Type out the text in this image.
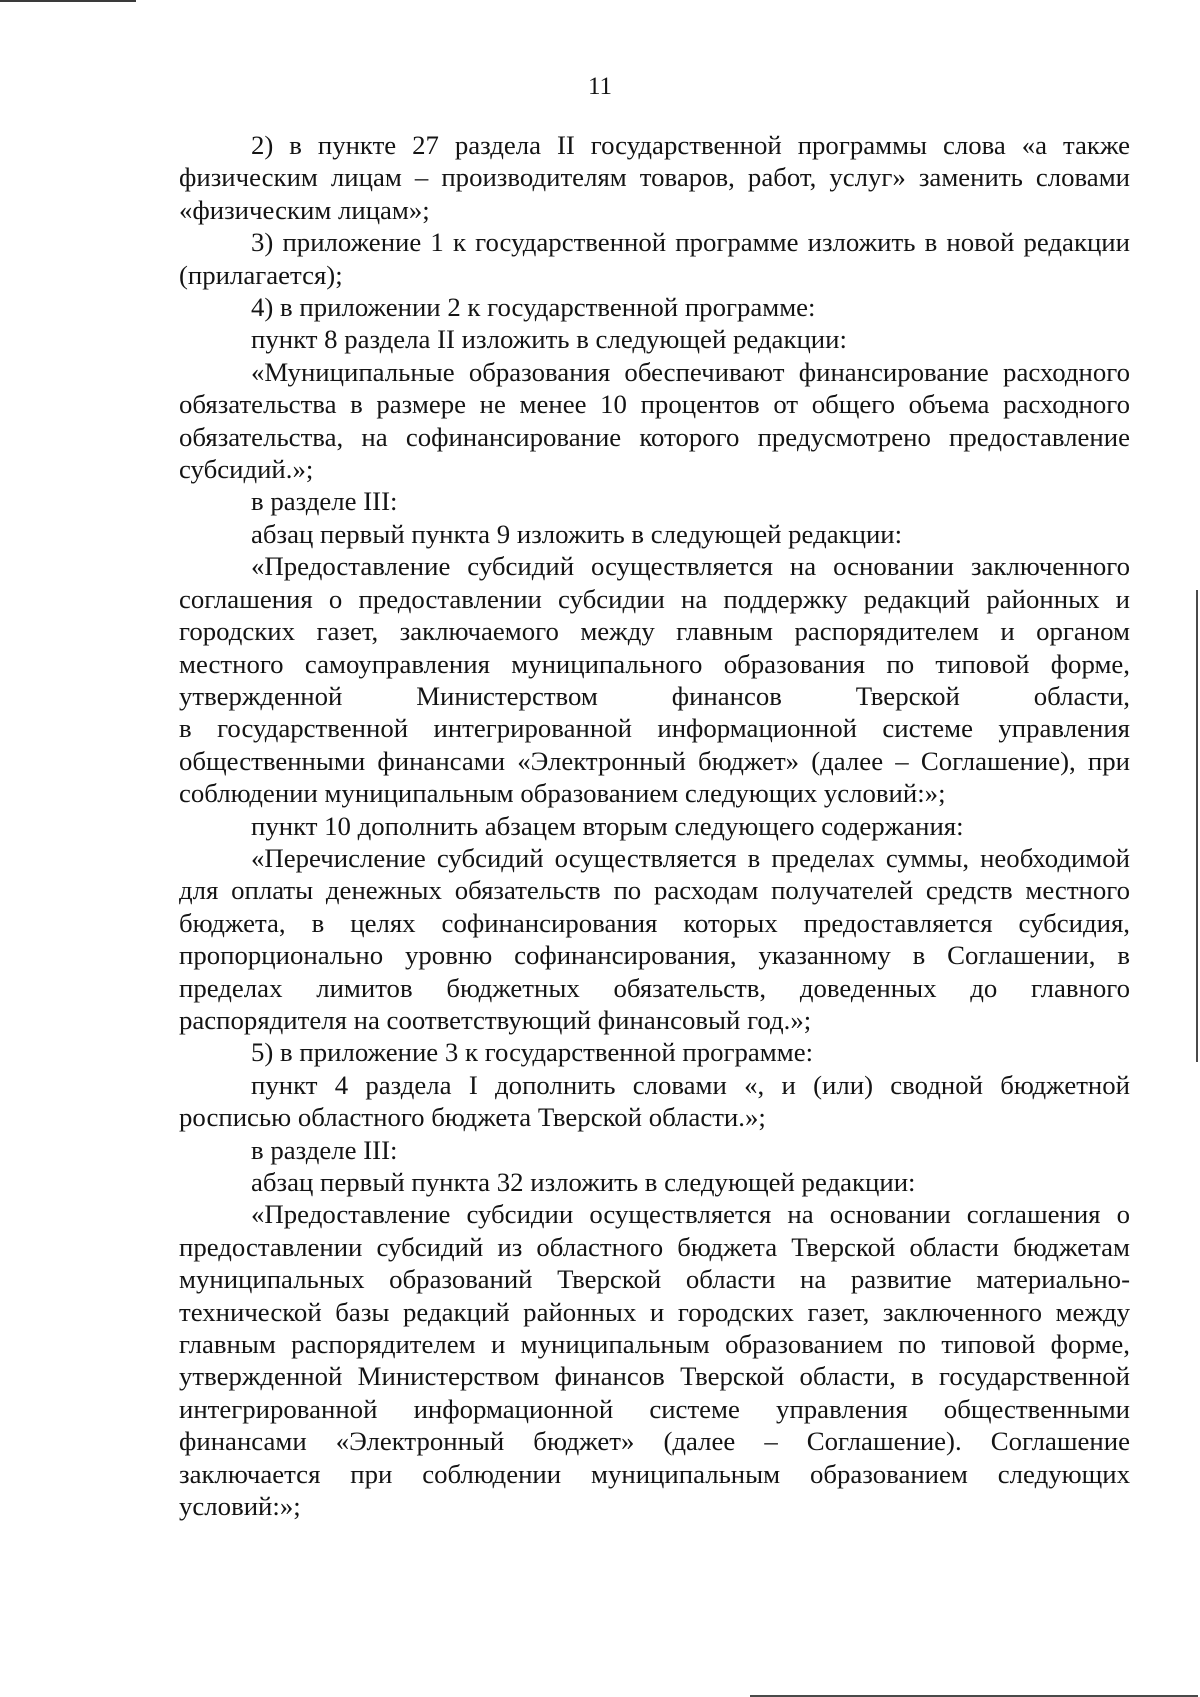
11

2) в пункте 27 раздела II государственной программы слова «а также физическим лицам – производителям товаров, работ, услуг» заменить словами «физическим лицам»;

3) приложение 1 к государственной программе изложить в новой редакции (прилагается);

4) в приложении 2 к государственной программе:

пункт 8 раздела II изложить в следующей редакции:

«Муниципальные образования обеспечивают финансирование расходного обязательства в размере не менее 10 процентов от общего объема расходного обязательства, на софинансирование которого предусмотрено предоставление субсидий.»;

в разделе III:

абзац первый пункта 9 изложить в следующей редакции:

«Предоставление субсидий осуществляется на основании заключенного соглашения о предоставлении субсидии на поддержку редакций районных и городских газет, заключаемого между главным распорядителем и органом местного самоуправления муниципального образования по типовой форме, утвержденной Министерством финансов Тверской области,

в государственной интегрированной информационной системе управления общественными финансами «Электронный бюджет» (далее – Соглашение), при соблюдении муниципальным образованием следующих условий:»;

пункт 10 дополнить абзацем вторым следующего содержания:

«Перечисление субсидий осуществляется в пределах суммы, необходимой для оплаты денежных обязательств по расходам получателей средств местного бюджета, в целях софинансирования которых предоставляется субсидия, пропорционально уровню софинансирования, указанному в Соглашении, в пределах лимитов бюджетных обязательств, доведенных до главного распорядителя на соответствующий финансовый год.»;

5) в приложение 3 к государственной программе:

пункт 4 раздела I дополнить словами «, и (или) сводной бюджетной росписью областного бюджета Тверской области.»;

в разделе III:

абзац первый пункта 32 изложить в следующей редакции:

«Предоставление субсидии осуществляется на основании соглашения о предоставлении субсидий из областного бюджета Тверской области бюджетам муниципальных образований Тверской области на развитие материально-технической базы редакций районных и городских газет, заключенного между главным распорядителем и муниципальным образованием по типовой форме, утвержденной Министерством финансов Тверской области, в государственной интегрированной информационной системе управления общественными финансами «Электронный бюджет» (далее – Соглашение). Соглашение заключается при соблюдении муниципальным образованием следующих условий:»;
